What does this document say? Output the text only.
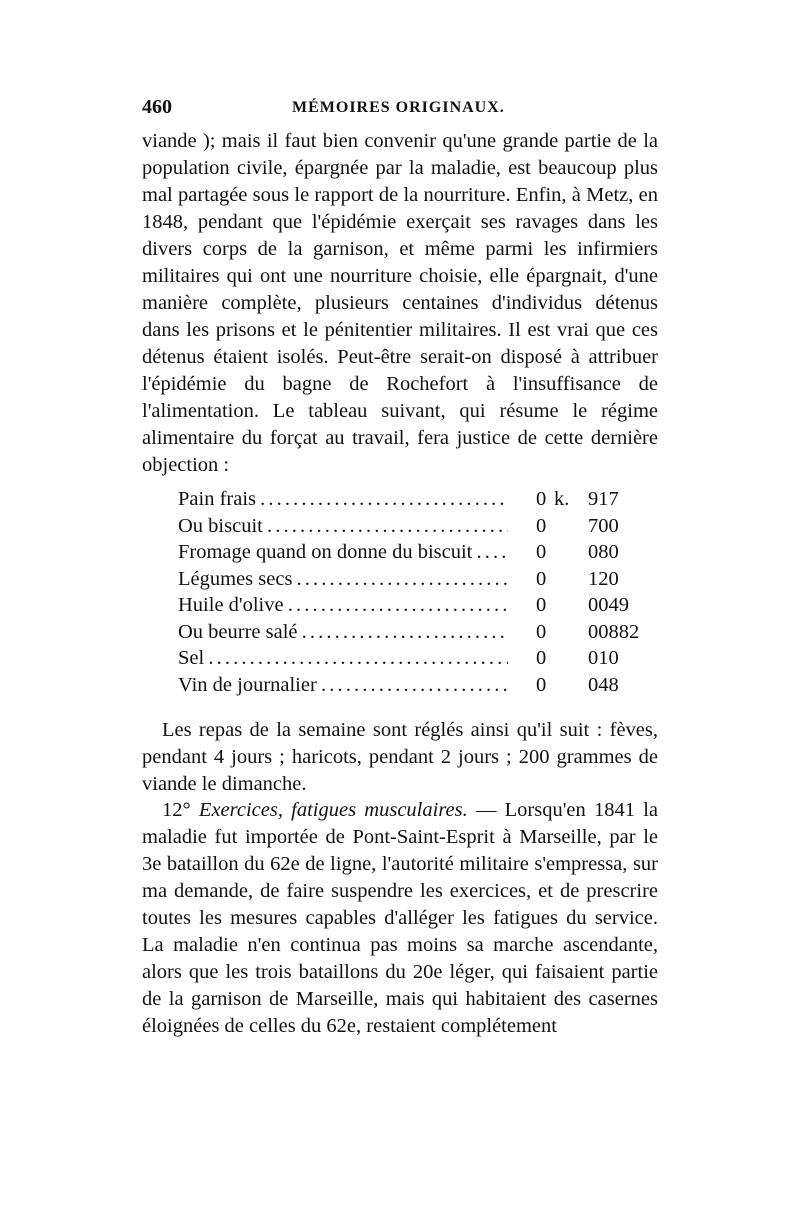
460	MÉMOIRES ORIGINAUX.

viande ); mais il faut bien convenir qu'une grande partie de la population civile, épargnée par la maladie, est beaucoup plus mal partagée sous le rapport de la nourriture. Enfin, à Metz, en 1848, pendant que l'épidémie exerçait ses ravages dans les divers corps de la garnison, et même parmi les infirmiers militaires qui ont une nourriture choisie, elle épargnait, d'une manière complète, plusieurs centaines d'individus détenus dans les prisons et le pénitentier militaires. Il est vrai que ces détenus étaient isolés. Peut-être serait-on disposé à attribuer l'épidémie du bagne de Rochefort à l'insuffisance de l'alimentation. Le tableau suivant, qui résume le régime alimentaire du forçat au travail, fera justice de cette dernière objection :

Pain frais . . .	0 k. 917
Ou biscuit . . .	0 700
Fromage quand on donne du biscuit . . .	0 080
Légumes secs . . .	0 120
Huile d'olive . . .	0 0049
Ou beurre salé . . .	0 00882
Sel . . .	0 010
Vin de journalier . . .	0 048

Les repas de la semaine sont réglés ainsi qu'il suit : fèves, pendant 4 jours ; haricots, pendant 2 jours ; 200 grammes de viande le dimanche.

12° Exercices, fatigues musculaires. — Lorsqu'en 1841 la maladie fut importée de Pont-Saint-Esprit à Marseille, par le 3e bataillon du 62e de ligne, l'autorité militaire s'empressa, sur ma demande, de faire suspendre les exercices, et de prescrire toutes les mesures capables d'alléger les fatigues du service. La maladie n'en continua pas moins sa marche ascendante, alors que les trois bataillons du 20e léger, qui faisaient partie de la garnison de Marseille, mais qui habitaient des casernes éloignées de celles du 62e, restaient complétement
